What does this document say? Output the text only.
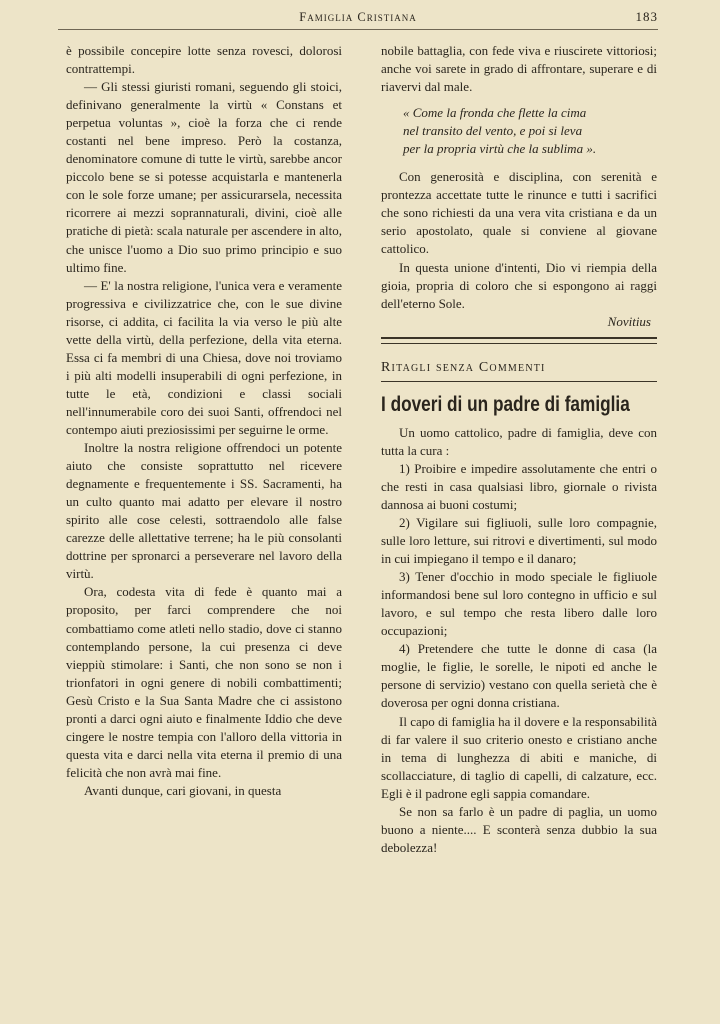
Famiglia Cristiana	183

è possibile concepire lotte senza rovesci, dolorosi contrattempi.

— Gli stessi giuristi romani, seguendo gli stoici, definivano generalmente la virtù « Constans et perpetua voluntas », cioè la forza che ci rende costanti nel bene impreso. Però la costanza, denominatore comune di tutte le virtù, sarebbe ancor piccolo bene se si potesse acquistarla e mantenerla con le sole forze umane; per assicurarsela, necessita ricorrere ai mezzi soprannaturali, divini, cioè alle pratiche di pietà: scala naturale per ascendere in alto, che unisce l'uomo a Dio suo primo principio e suo ultimo fine.

— E' la nostra religione, l'unica vera e veramente progressiva e civilizzatrice che, con le sue divine risorse, ci addita, ci facilita la via verso le più alte vette della virtù, della perfezione, della vita eterna. Essa ci fa membri di una Chiesa, dove noi troviamo i più alti modelli insuperabili di ogni perfezione, in tutte le età, condizioni e classi sociali nell'innumerabile coro dei suoi Santi, offrendoci nel contempo aiuti preziosissimi per seguirne le orme.

Inoltre la nostra religione offrendoci un potente aiuto che consiste soprattutto nel ricevere degnamente e frequentemente i SS. Sacramenti, ha un culto quanto mai adatto per elevare il nostro spirito alle cose celesti, sottraendolo alle false carezze delle allettative terrene; ha le più consolanti dottrine per spronarci a perseverare nel lavoro della virtù.

Ora, codesta vita di fede è quanto mai a proposito, per farci comprendere che noi combattiamo come atleti nello stadio, dove ci stanno contemplando persone, la cui presenza ci deve vieppiù stimolare: i Santi, che non sono se non i trionfatori in ogni genere di nobili combattimenti; Gesù Cristo e la Sua Santa Madre che ci assistono pronti a darci ogni aiuto e finalmente Iddio che deve cingere le nostre tempia con l'alloro della vittoria in questa vita e darci nella vita eterna il premio di una felicità che non avrà mai fine.

Avanti dunque, cari giovani, in questa

nobile battaglia, con fede viva e riuscirete vittoriosi; anche voi sarete in grado di affrontare, superare e di riavervi dal male.

« Come la fronda che flette la cima
nel transito del vento, e poi si leva
per la propria virtù che la sublima ».

Con generosità e disciplina, con serenità e prontezza accettate tutte le rinunce e tutti i sacrifici che sono richiesti da una vera vita cristiana e da un serio apostolato, quale si conviene al giovane cattolico.

In questa unione d'intenti, Dio vi riempia della gioia, propria di coloro che si espongono ai raggi dell'eterno Sole.

Novitius

Ritagli senza Commenti
I doveri di un padre di famiglia

Un uomo cattolico, padre di famiglia, deve con tutta la cura :

1) Proibire e impedire assolutamente che entri o che resti in casa qualsiasi libro, giornale o rivista dannosa ai buoni costumi;

2) Vigilare sui figliuoli, sulle loro compagnie, sulle loro letture, sui ritrovi e divertimenti, sul modo in cui impiegano il tempo e il danaro;

3) Tener d'occhio in modo speciale le figliuole informandosi bene sul loro contegno in ufficio e sul lavoro, e sul tempo che resta libero dalle loro occupazioni;

4) Pretendere che tutte le donne di casa (la moglie, le figlie, le sorelle, le nipoti ed anche le persone di servizio) vestano con quella serietà che è doverosa per ogni donna cristiana.

Il capo di famiglia ha il dovere e la responsabilità di far valere il suo criterio onesto e cristiano anche in tema di lunghezza di abiti e maniche, di scollacciature, di taglio di capelli, di calzature, ecc. Egli è il padrone egli sappia comandare.

Se non sa farlo è un padre di paglia, un uomo buono a niente.... E sconterà senza dubbio la sua debolezza!
